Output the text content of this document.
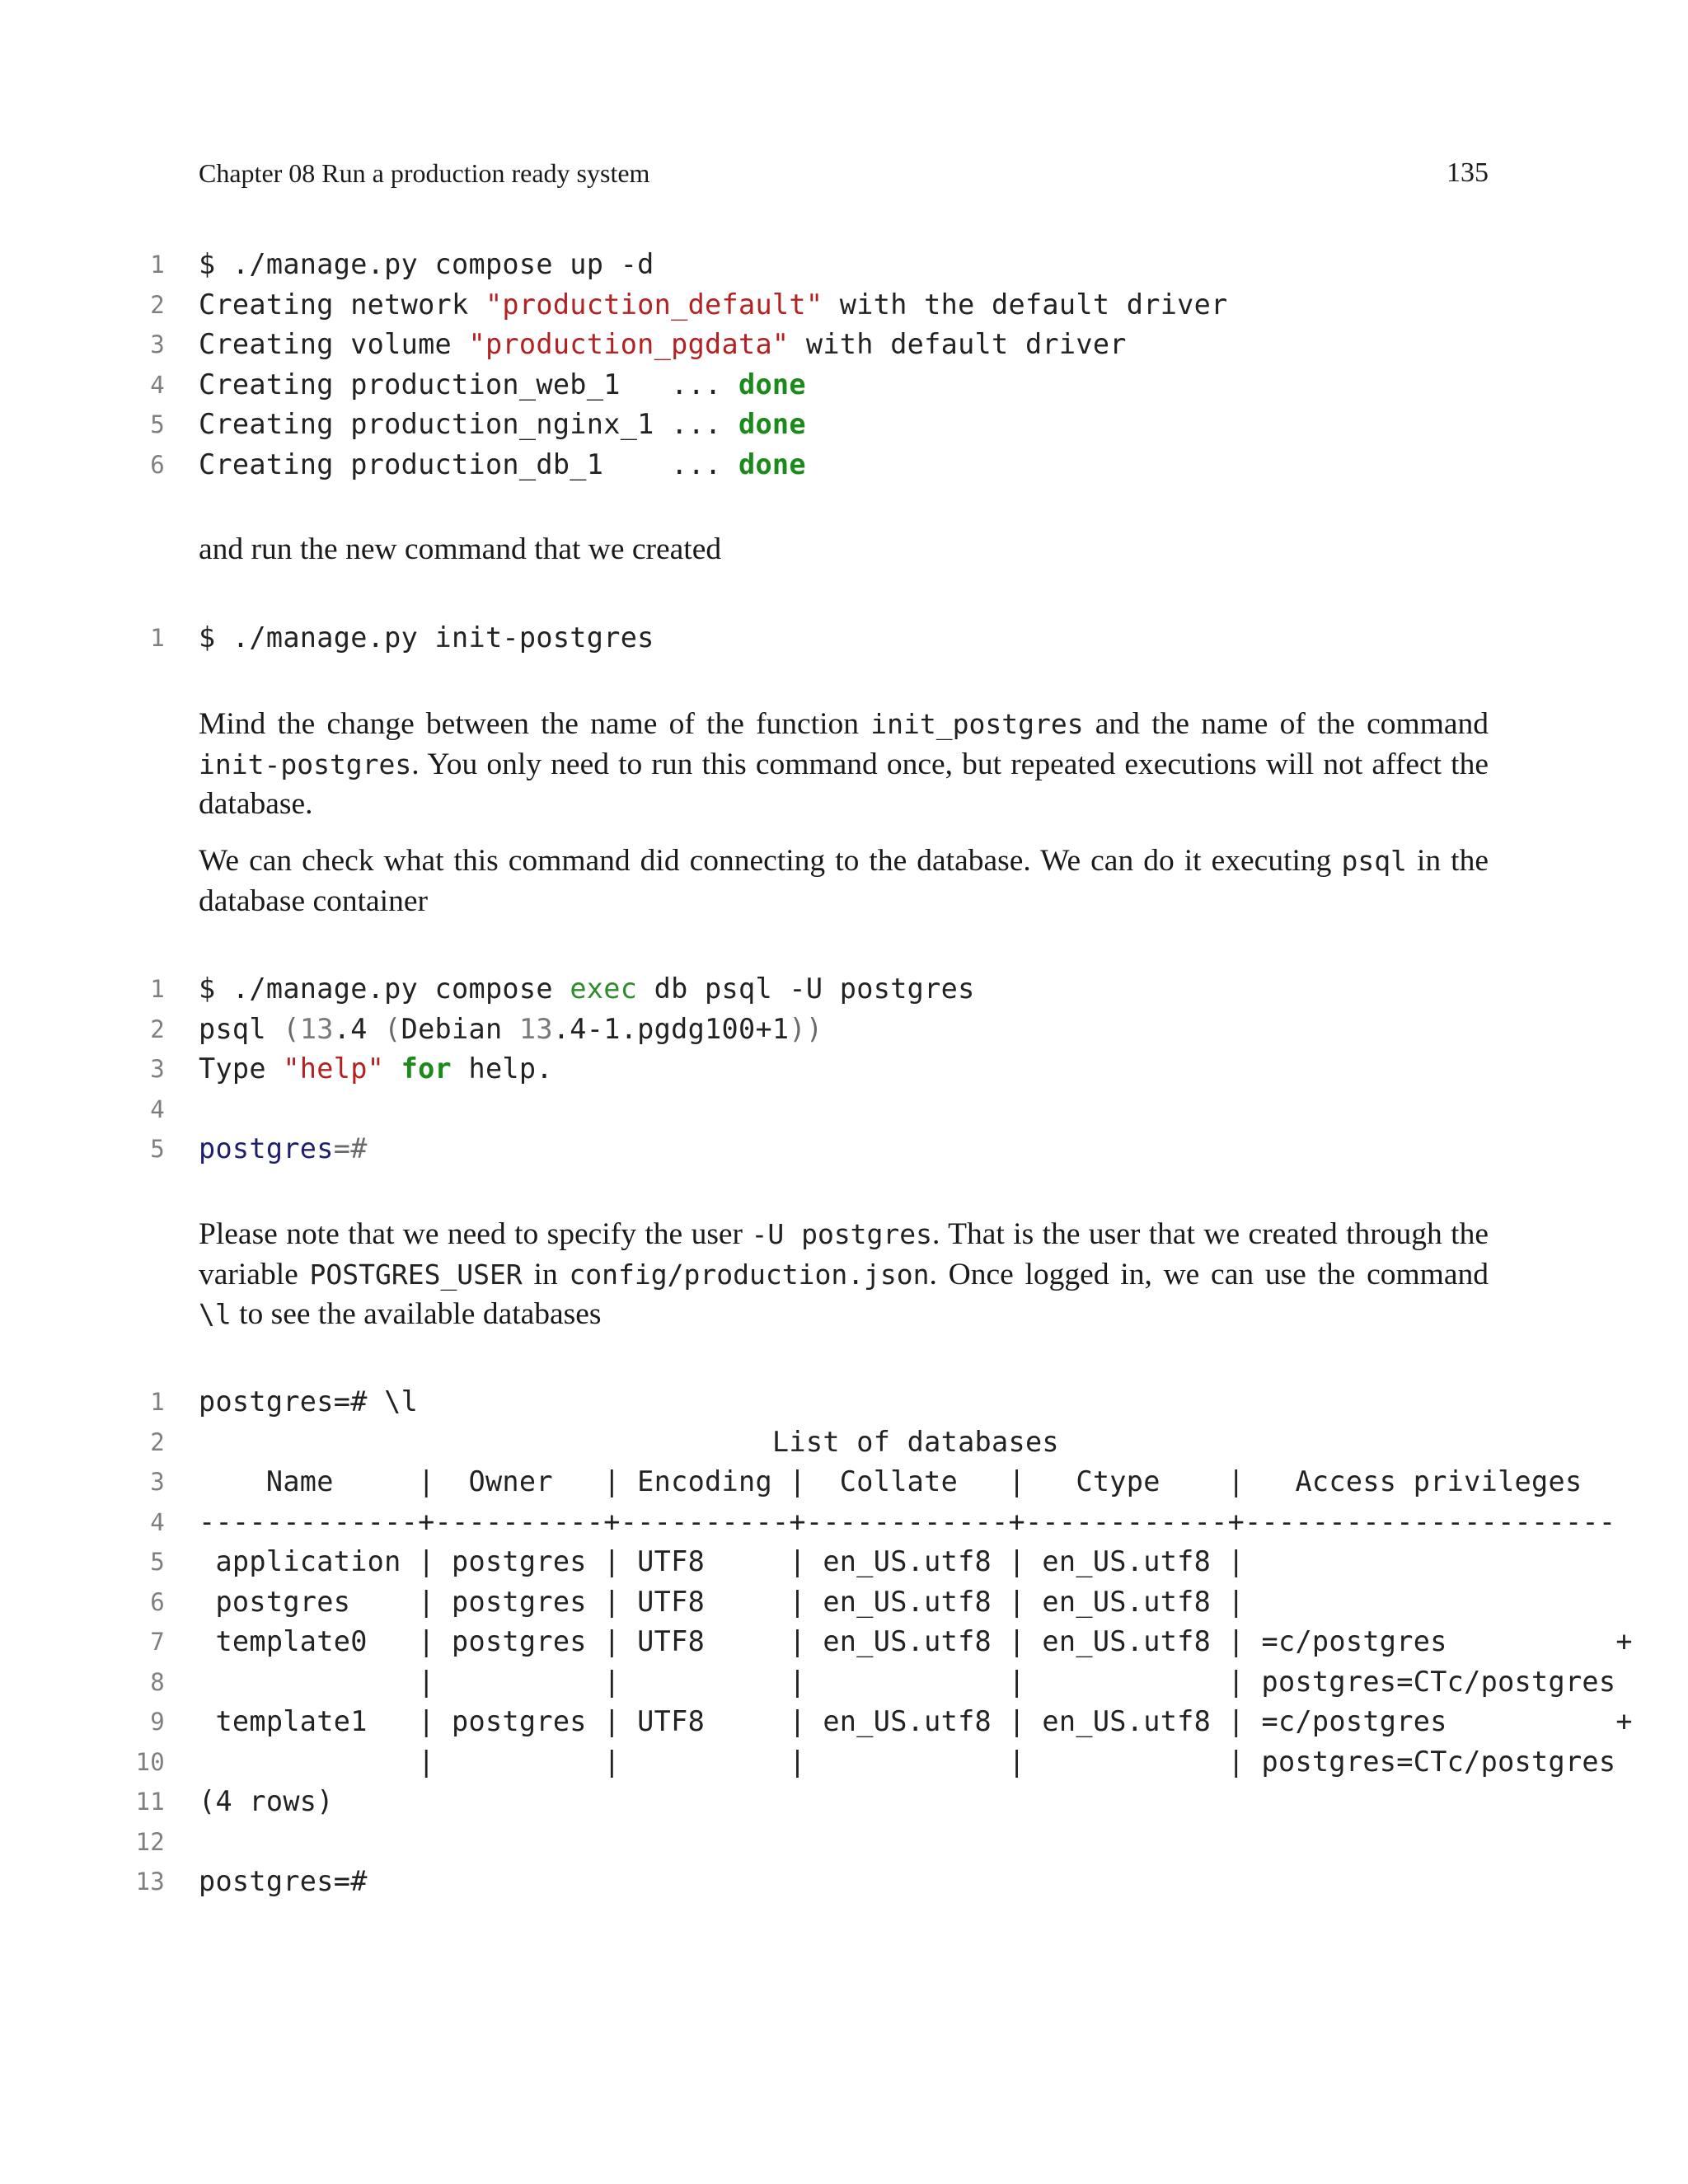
Chapter 08 Run a production ready system	135
1 $ ./manage.py compose up -d
2 Creating network "production_default" with the default driver
3 Creating volume "production_pgdata" with default driver
4 Creating production_web_1   ... done
5 Creating production_nginx_1 ... done
6 Creating production_db_1    ... done
and run the new command that we created
1 $ ./manage.py init-postgres
Mind the change between the name of the function init_postgres and the name of the command init-postgres. You only need to run this command once, but repeated executions will not affect the database.
We can check what this command did connecting to the database. We can do it executing psql in the database container
1 $ ./manage.py compose exec db psql -U postgres
2 psql (13.4 (Debian 13.4-1.pgdg100+1))
3 Type "help" for help.
4
5 postgres=#
Please note that we need to specify the user -U postgres. That is the user that we created through the variable POSTGRES_USER in config/production.json. Once logged in, we can use the command \l to see the available databases
1 postgres=# \l
2 List of databases
3 Name     |  Owner   | Encoding |  Collate   |   Ctype    |   Access privileges
4 -------------+----------+----------+------------+------------+----------------------
5 application | postgres | UTF8     | en_US.utf8 | en_US.utf8 |
6 postgres    | postgres | UTF8     | en_US.utf8 | en_US.utf8 |
7 template0   | postgres | UTF8     | en_US.utf8 | en_US.utf8 | =c/postgres          +
8 |          |          |            |            | postgres=CTc/postgres
9 template1   | postgres | UTF8     | en_US.utf8 | en_US.utf8 | =c/postgres          +
10 |          |          |            |            | postgres=CTc/postgres
11 (4 rows)
12
13 postgres=#
